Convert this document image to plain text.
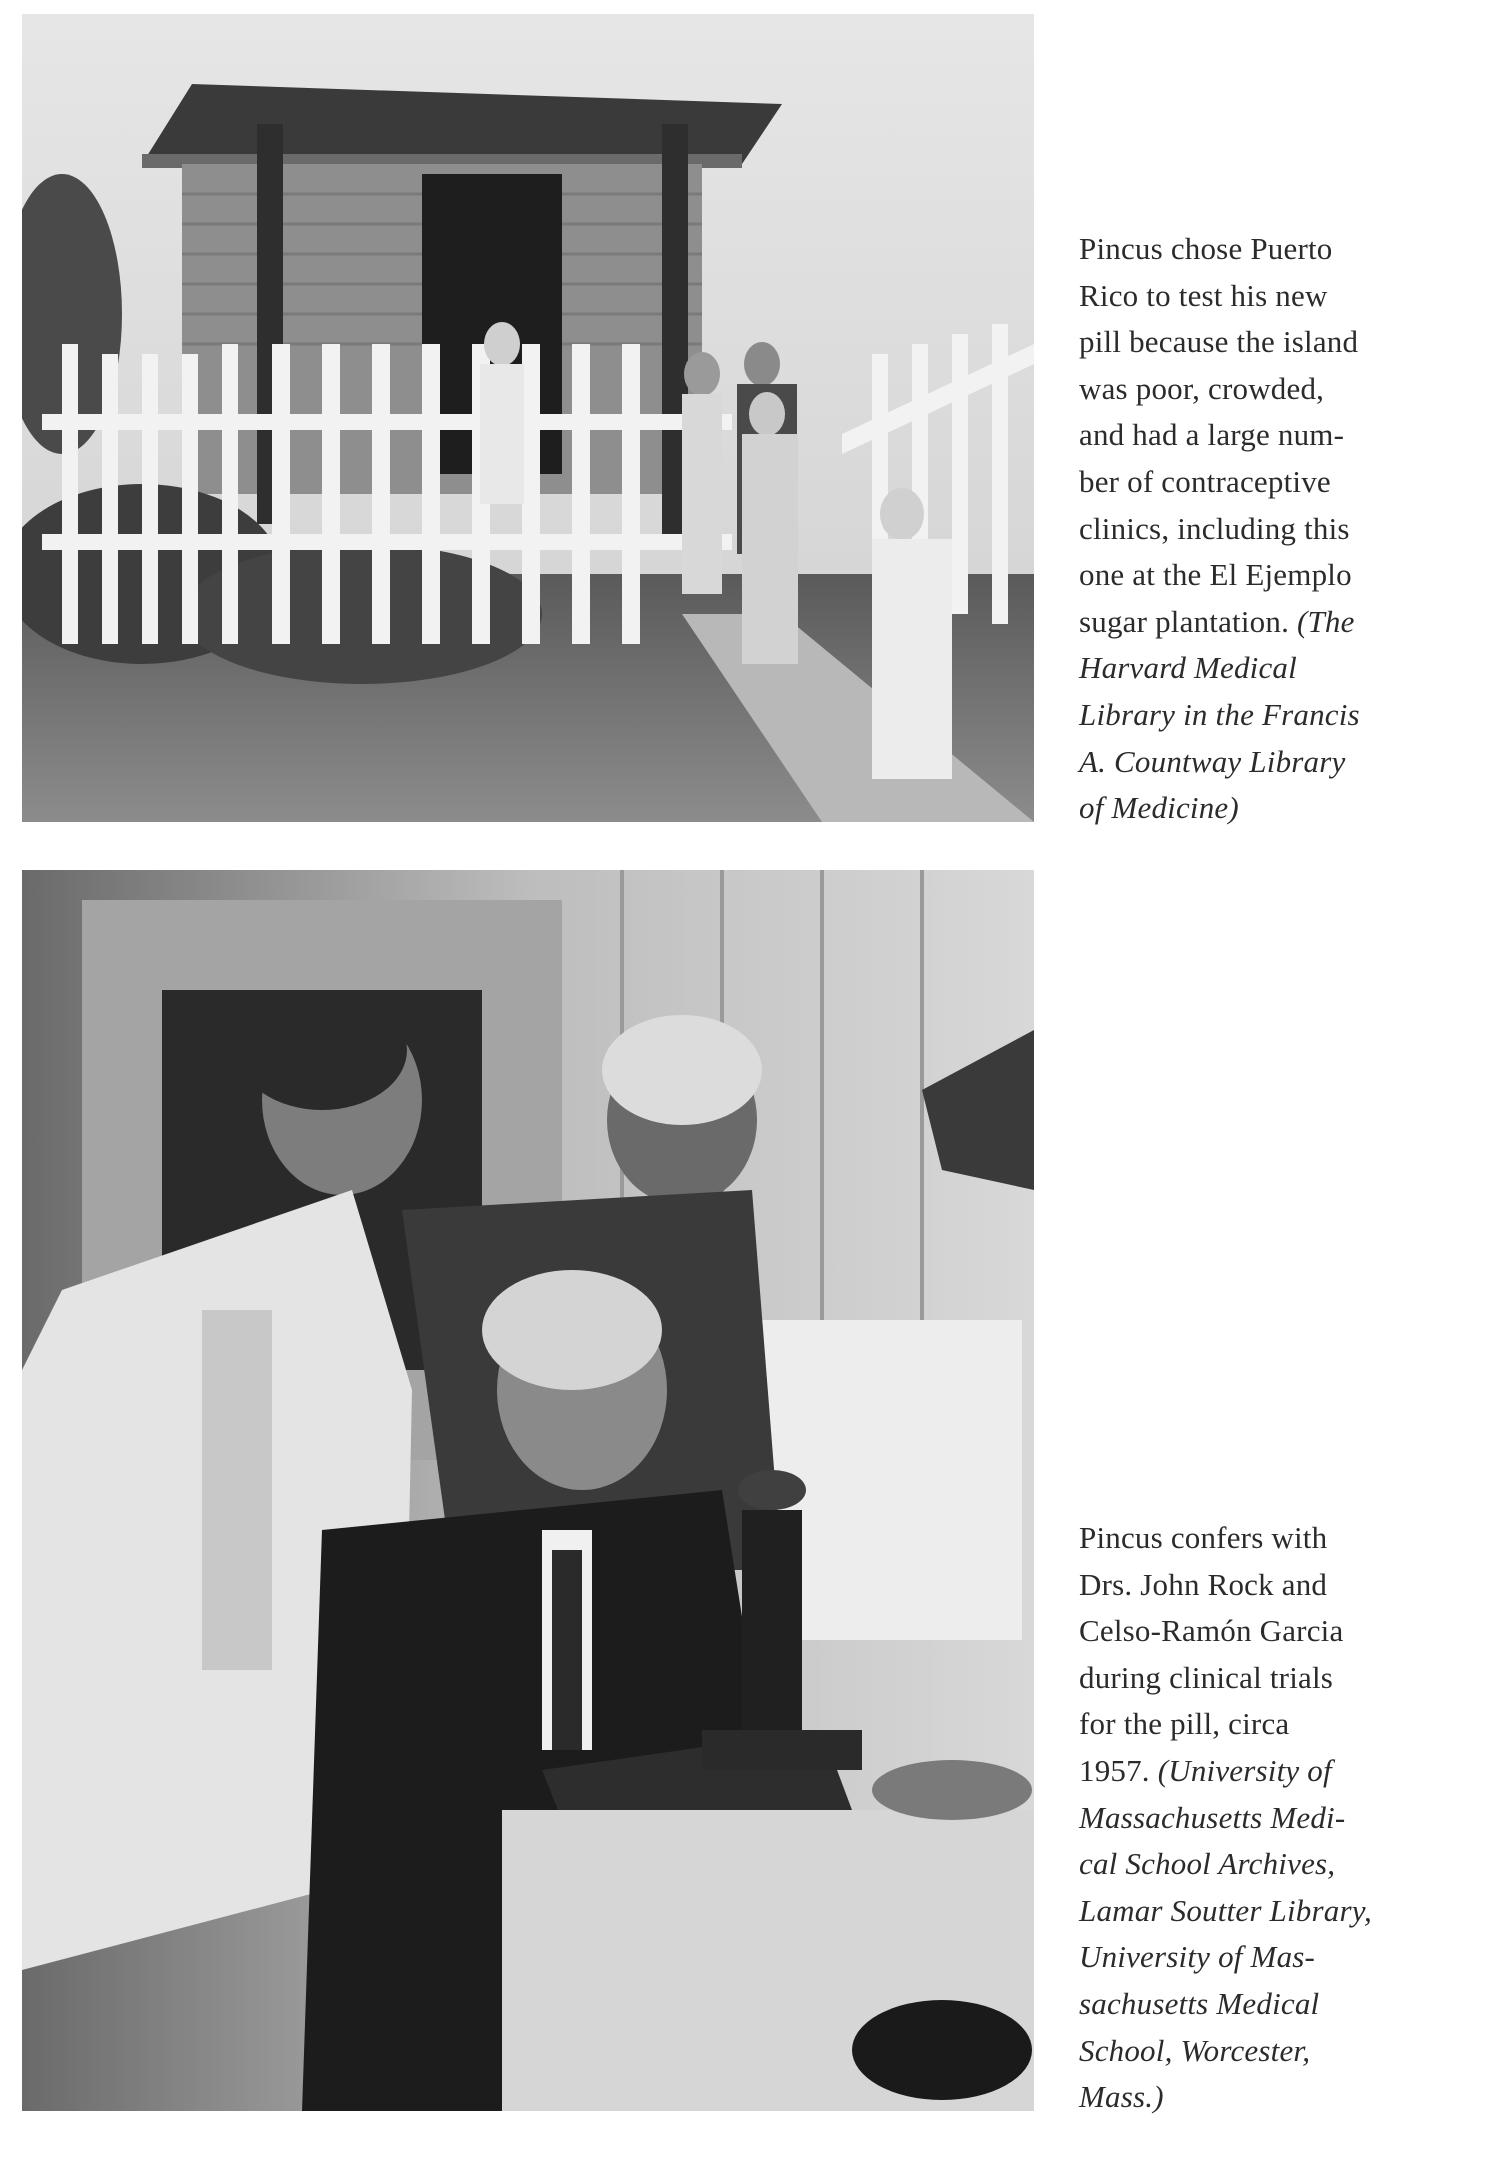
Pincus chose Puerto
Rico to test his new
pill because the island
was poor, crowded,
and had a large num-
ber of contraceptive
clinics, including this
one at the El Ejemplo
sugar plantation. (The
Harvard Medical
Library in the Francis
A. Countway Library
of Medicine)
Pincus confers with
Drs. John Rock and
Celso-Ramón Garcia
during clinical trials
for the pill, circa
1957. (University of
Massachusetts Medi-
cal School Archives,
Lamar Soutter Library,
University of Mas-
sachusetts Medical
School, Worcester,
Mass.)
